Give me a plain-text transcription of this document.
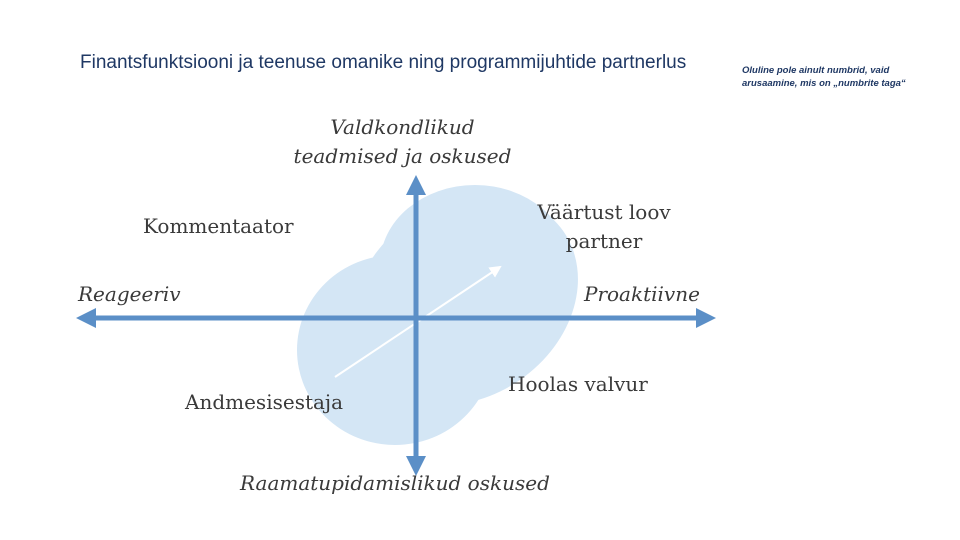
Finantsfunktsiooni ja teenuse omanike ning programmijuhtide partnerlus	Oluline pole ainult numbrid, vaid arusaamine, mis on „numbrite taga“
Valdkondlikud teadmised ja oskused
Kommentaator
Väärtust loov partner
Reageeriv	Proaktiivne
Hoolas valvur
Andmesisestaja
Raamatupidamislikud oskused
